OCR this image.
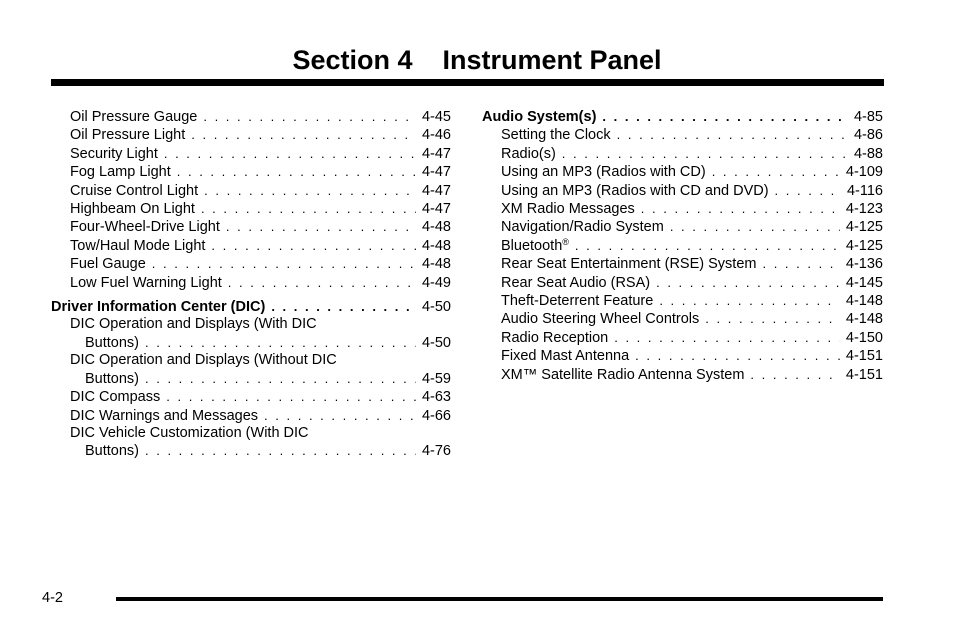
Section 4    Instrument Panel
Oil Pressure Gauge . . .	4-45
Oil Pressure Light . . .	4-46
Security Light . . .	4-47
Fog Lamp Light . . .	4-47
Cruise Control Light . . .	4-47
Highbeam On Light . . .	4-47
Four-Wheel-Drive Light . . .	4-48
Tow/Haul Mode Light . . .	4-48
Fuel Gauge . . .	4-48
Low Fuel Warning Light . . .	4-49
Driver Information Center (DIC) . . .	4-50
DIC Operation and Displays (With DIC
Buttons) . . .	4-50
DIC Operation and Displays (Without DIC
Buttons) . . .	4-59
DIC Compass . . .	4-63
DIC Warnings and Messages . . .	4-66
DIC Vehicle Customization (With DIC
Buttons) . . .	4-76
Audio System(s) . . .	4-85
Setting the Clock . . .	4-86
Radio(s) . . .	4-88
Using an MP3 (Radios with CD) . . .	4-109
Using an MP3 (Radios with CD and DVD) . . .	4-116
XM Radio Messages . . .	4-123
Navigation/Radio System . . .	4-125
Bluetooth® . . .	4-125
Rear Seat Entertainment (RSE) System . . .	4-136
Rear Seat Audio (RSA) . . .	4-145
Theft-Deterrent Feature . . .	4-148
Audio Steering Wheel Controls . . .	4-148
Radio Reception . . .	4-150
Fixed Mast Antenna . . .	4-151
XM™ Satellite Radio Antenna System . . .	4-151
4-2
